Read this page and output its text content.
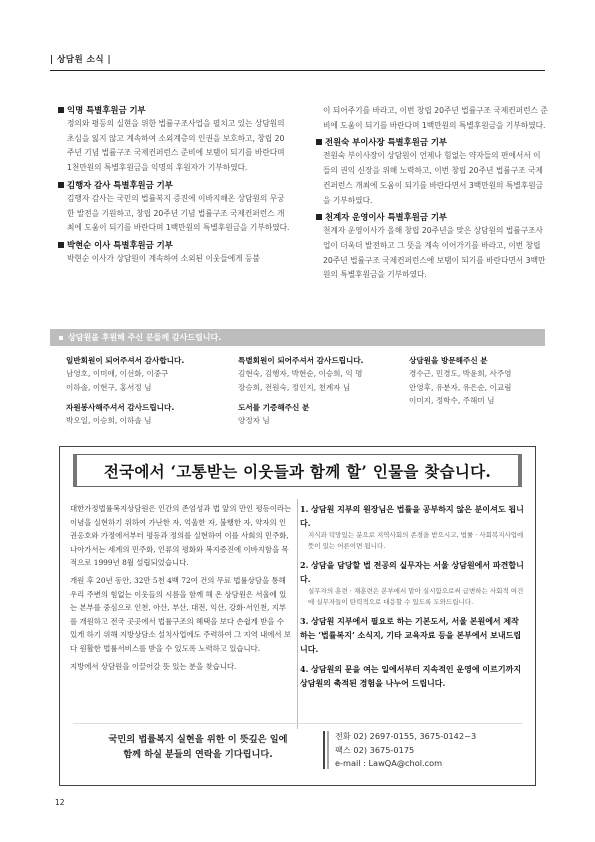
| 상담원 소식 |
익명 특별후원금 기부
정의와 평등의 실현을 위한 법률구조사업을 펼치고 있는 상담원의 초심을 잃지 않고 계속하여 소외계층의 인권을 보호하고, 창립 20주년 기념 법률구조 국제컨퍼런스 준비에 보탬이 되기를 바란다며 1천만원의 특별후원금을 익명의 후원자가 기부하였다.
김행자 감사 특별후원금 기부
김행자 감사는 국민의 법률복지 증진에 이바지해온 상담원의 무궁한 발전을 기원하고, 창립 20주년 기념 법률구조 국제컨퍼런스 개최에 도움이 되기를 바란다며 1백만원의 특별후원금을 기부하였다.
박현순 이사 특별후원금 기부
박현순 이사가 상담원이 계속하여 소외된 이웃들에게 등불
이 되어주기를 바라고, 이번 창립 20주년 법률구조 국제컨퍼런스 준비에 도움이 되기를 바란다며 1백만원의 특별후원금을 기부하였다.
전원숙 부이사장 특별후원금 기부
전원숙 부이사장이 상담원이 언제나 힘없는 약자들의 편에서서 이들의 권익 신장을 위해 노력하고, 이번 창립 20주년 법률구조 국제컨퍼런스 개최에 도움이 되기를 바란다면서 3백만원의 특별후원금을 기부하였다.
천계자 운영이사 특별후원금 기부
천계자 운영이사가 올해 창립 20주년을 맞은 상담원의 법률구조사업이 더욱더 발전하고 그 뜻을 계속 이어가기를 바라고, 이번 창립 20주년 법률구조 국제컨퍼런스에 보탬이 되기를 바란다면서 3백만원의 특별후원금을 기부하였다.
상담원을 후원해 주신 분들께 감사드립니다.
일반회원이 되어주셔서 감사합니다.
남영호, 이미애, 이선화, 이중구
이하솔, 이현구, 홍서정 님
자원봉사해주셔서 감사드립니다.
박오일, 이승희, 이하솔 님
특별회원이 되어주셔서 감사드립니다.
김현숙, 김행자, 박현순, 이승희, 익 명
장승희, 전원숙, 정인지, 천계자 님
도서를 기증해주신 분
양정자 님
상담원을 방문해주신 분
경수근, 민경도, 박윤희, 사주영
안영후, 유분자, 유은순, 이교림
이미지, 정학수, 주해미 님
전국에서 ‘고통받는 이웃들과 함께 할’ 인물을 찾습니다.

대한가정법률복지상담원은 인간의 존엄성과 법 앞의 만인 평등이라는 이념을 실현하기 위하여 가난한 자, 억울한 자, 불행한 자, 약자의 인권옹호와 가정에서부터 평등과 정의를 실현하여 이를 사회의 민주화, 나아가서는 세계의 민주화, 인류의 평화와 복지증진에 이바지함을 목적으로 1999년 8월 설립되었습니다.

개원 후 20년 동안, 32만 5천 4백 72여 건의 무료 법률상담을 통해 우리 주변의 힘없는 이웃들의 시름을 함께 해 온 상담원은 서울에 있는 본부를 중심으로 인천, 아산, 부산, 대전, 익산, 강화·서인천, 지부를 개원하고 전국 곳곳에서 법률구조의 혜택을 보다 손쉽게 받을 수 있게 하기 위해 지방상담소 설치사업에도 주력하여 그 지역 내에서 보다 원활한 법률서비스를 받을 수 있도록 노력하고 있습니다.

지방에서 상담원을 이끌어갈 뜻 있는 분을 찾습니다.

1. 상담원 지부의 원장님은 법률을 공부하지 않은 분이셔도 됩니다.
지식과 덕망있는 분으로 지역사회의 존경을 받으시고, 법률 · 사회복지사업에 뜻이 있는 어른이면 됩니다.
2. 상담을 담당할 법 전공의 실무자는 서울 상담원에서 파견합니다.
실무자의 훈련 · 재훈련은 본부에서 맡아 실시함으로써 급변하는 사회적 여건에 실무자들이 탄력적으로 대응할 수 있도록 도와드립니다.
3. 상담원 지부에서 필요로 하는 기본도서, 서울 본원에서 제작하는 ‘법률복지’ 소식지, 기타 교육자료 등을 본부에서 보내드립니다.
4. 상담원의 문을 여는 일에서부터 지속적인 운영에 이르기까지 상담원의 축적된 경험을 나누어 드립니다.
국민의 법률복지 실현을 위한 이 뜻깊은 일에
함께 하실 분들의 연락을 기다립니다.
전화 02) 2697-0155, 3675-0142~3
팩스 02) 3675-0175
e-mail : LawQA@chol.com
12
